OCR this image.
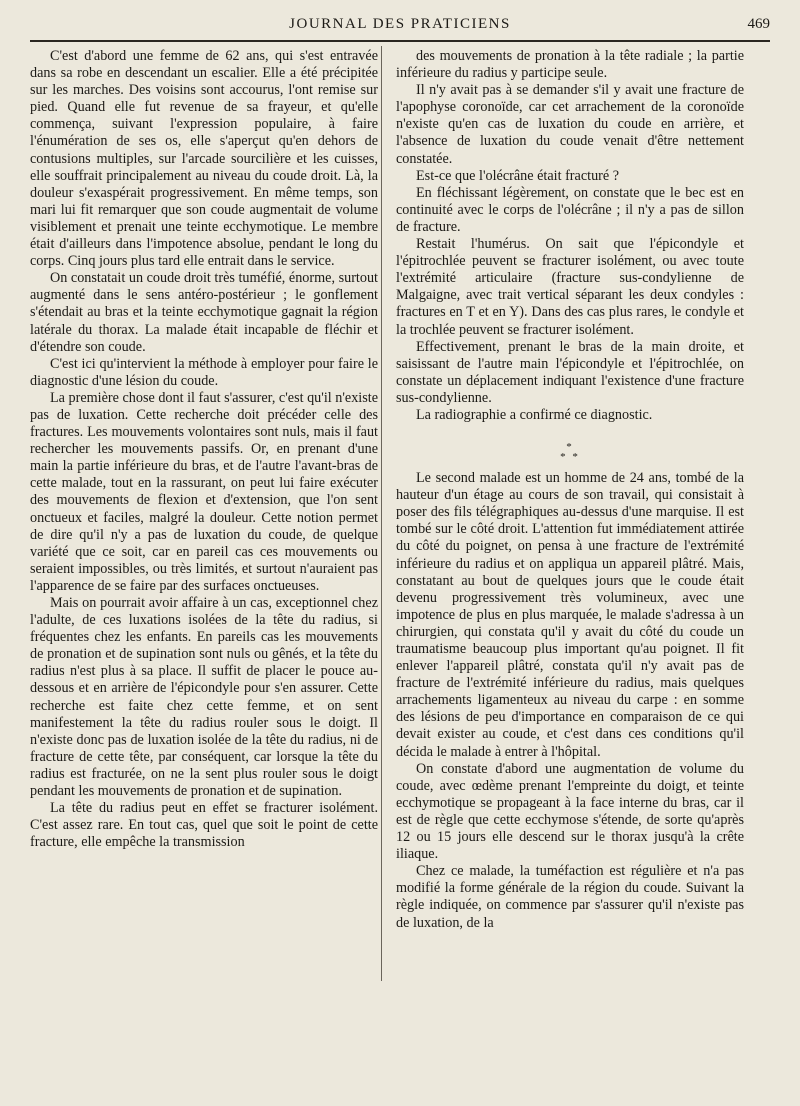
JOURNAL DES PRATICIENS	469

C'est d'abord une femme de 62 ans, qui s'est entravée dans sa robe en descendant un escalier. Elle a été précipitée sur les marches. Des voisins sont accourus, l'ont remise sur pied. Quand elle fut revenue de sa frayeur, et qu'elle commença, suivant l'expression populaire, à faire l'énumération de ses os, elle s'aperçut qu'en dehors de contusions multiples, sur l'arcade sourcilière et les cuisses, elle souffrait principalement au niveau du coude droit. Là, la douleur s'exaspérait progressivement. En même temps, son mari lui fit remarquer que son coude augmentait de volume visiblement et prenait une teinte ecchymotique. Le membre était d'ailleurs dans l'impotence absolue, pendant le long du corps. Cinq jours plus tard elle entrait dans le service.

On constatait un coude droit très tuméfié, énorme, surtout augmenté dans le sens antéro-postérieur ; le gonflement s'étendait au bras et la teinte ecchymotique gagnait la région latérale du thorax. La malade était incapable de fléchir et d'étendre son coude.

C'est ici qu'intervient la méthode à employer pour faire le diagnostic d'une lésion du coude.

La première chose dont il faut s'assurer, c'est qu'il n'existe pas de luxation. Cette recherche doit précéder celle des fractures. Les mouvements volontaires sont nuls, mais il faut rechercher les mouvements passifs. Or, en prenant d'une main la partie inférieure du bras, et de l'autre l'avant-bras de cette malade, tout en la rassurant, on peut lui faire exécuter des mouvements de flexion et d'extension, que l'on sent onctueux et faciles, malgré la douleur. Cette notion permet de dire qu'il n'y a pas de luxation du coude, de quelque variété que ce soit, car en pareil cas ces mouvements ou seraient impossibles, ou très limités, et surtout n'auraient pas l'apparence de se faire par des surfaces onctueuses.

Mais on pourrait avoir affaire à un cas, exceptionnel chez l'adulte, de ces luxations isolées de la tête du radius, si fréquentes chez les enfants. En pareils cas les mouvements de pronation et de supination sont nuls ou gênés, et la tête du radius n'est plus à sa place. Il suffit de placer le pouce au-dessous et en arrière de l'épicondyle pour s'en assurer. Cette recherche est faite chez cette femme, et on sent manifestement la tête du radius rouler sous le doigt. Il n'existe donc pas de luxation isolée de la tête du radius, ni de fracture de cette tête, par conséquent, car lorsque la tête du radius est fracturée, on ne la sent plus rouler sous le doigt pendant les mouvements de pronation et de supination.

La tête du radius peut en effet se fracturer isolément. C'est assez rare. En tout cas, quel que soit le point de cette fracture, elle empêche la transmission

des mouvements de pronation à la tête radiale ; la partie inférieure du radius y participe seule.

Il n'y avait pas à se demander s'il y avait une fracture de l'apophyse coronoïde, car cet arrachement de la coronoïde n'existe qu'en cas de luxation du coude en arrière, et l'absence de luxation du coude venait d'être nettement constatée.

Est-ce que l'olécrâne était fracturé ?

En fléchissant légèrement, on constate que le bec est en continuité avec le corps de l'olécrâne ; il n'y a pas de sillon de fracture.

Restait l'humérus. On sait que l'épicondyle et l'épitrochlée peuvent se fracturer isolément, ou avec toute l'extrémité articulaire (fracture sus-condylienne de Malgaigne, avec trait vertical séparant les deux condyles : fractures en T et en Y). Dans des cas plus rares, le condyle et la trochlée peuvent se fracturer isolément.

Effectivement, prenant le bras de la main droite, et saisissant de l'autre main l'épicondyle et l'épitrochlée, on constate un déplacement indiquant l'existence d'une fracture sus-condylienne.

La radiographie a confirmé ce diagnostic.

*
* *

Le second malade est un homme de 24 ans, tombé de la hauteur d'un étage au cours de son travail, qui consistait à poser des fils télégraphiques au-dessus d'une marquise. Il est tombé sur le côté droit. L'attention fut immédiatement attirée du côté du poignet, on pensa à une fracture de l'extrémité inférieure du radius et on appliqua un appareil plâtré. Mais, constatant au bout de quelques jours que le coude était devenu progressivement très volumineux, avec une impotence de plus en plus marquée, le malade s'adressa à un chirurgien, qui constata qu'il y avait du côté du coude un traumatisme beaucoup plus important qu'au poignet. Il fit enlever l'appareil plâtré, constata qu'il n'y avait pas de fracture de l'extrémité inférieure du radius, mais quelques arrachements ligamenteux au niveau du carpe : en somme des lésions de peu d'importance en comparaison de ce qui devait exister au coude, et c'est dans ces conditions qu'il décida le malade à entrer à l'hôpital.

On constate d'abord une augmentation de volume du coude, avec œdème prenant l'empreinte du doigt, et teinte ecchymotique se propageant à la face interne du bras, car il est de règle que cette ecchymose s'étende, de sorte qu'après 12 ou 15 jours elle descend sur le thorax jusqu'à la crête iliaque.

Chez ce malade, la tuméfaction est régulière et n'a pas modifié la forme générale de la région du coude. Suivant la règle indiquée, on commence par s'assurer qu'il n'existe pas de luxation, de la
